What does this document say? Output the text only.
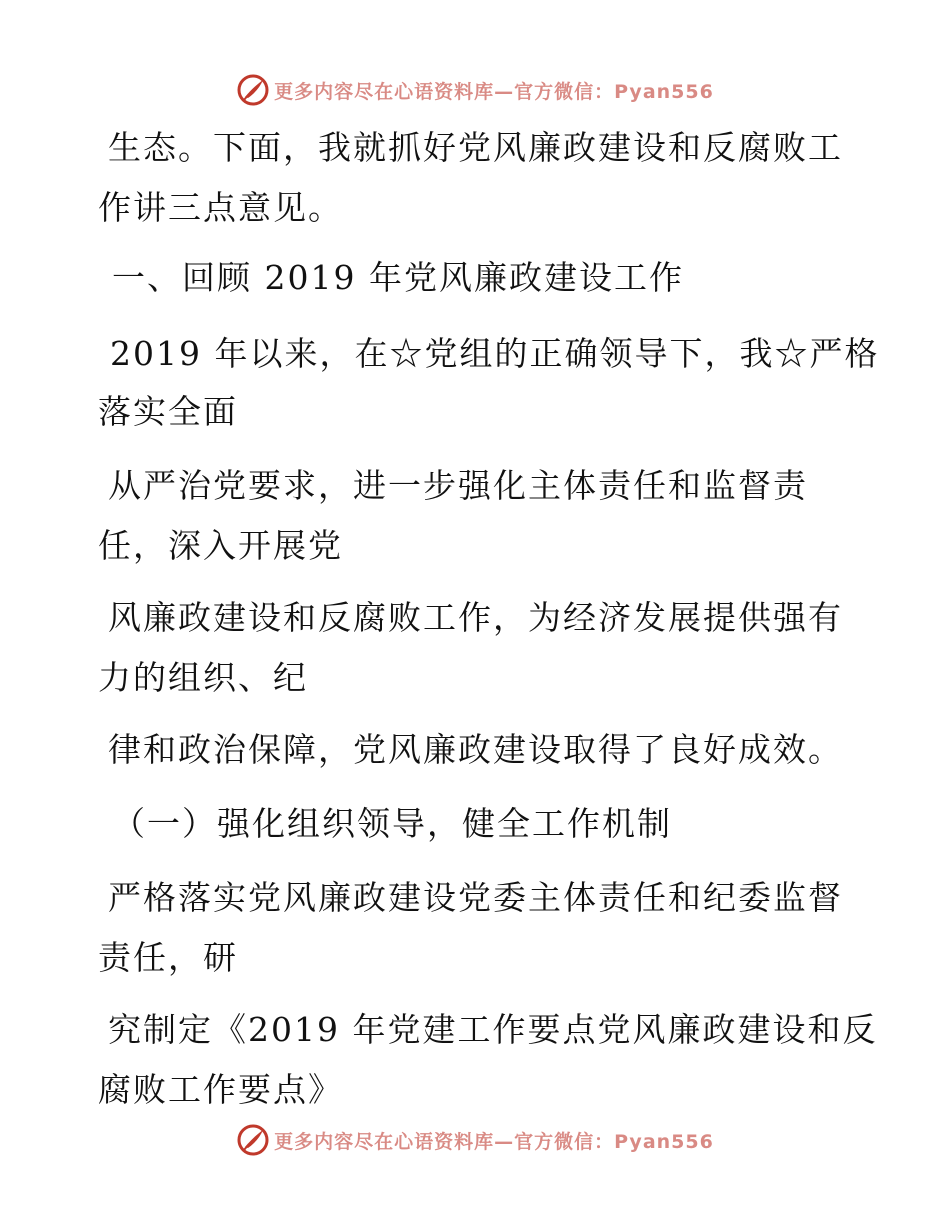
更多内容尽在心语资料库—官方微信：Pyan556
生态。下面，我就抓好党风廉政建设和反腐败工
作讲三点意见。
一、回顾 2019 年党风廉政建设工作
2019 年以来，在☆党组的正确领导下，我☆严格
落实全面
从严治党要求，进一步强化主体责任和监督责
任，深入开展党
风廉政建设和反腐败工作，为经济发展提供强有
力的组织、纪
律和政治保障，党风廉政建设取得了良好成效。
（一）强化组织领导，健全工作机制
严格落实党风廉政建设党委主体责任和纪委监督
责任，研
究制定《2019 年党建工作要点党风廉政建设和反
腐败工作要点》
更多内容尽在心语资料库—官方微信：Pyan556
